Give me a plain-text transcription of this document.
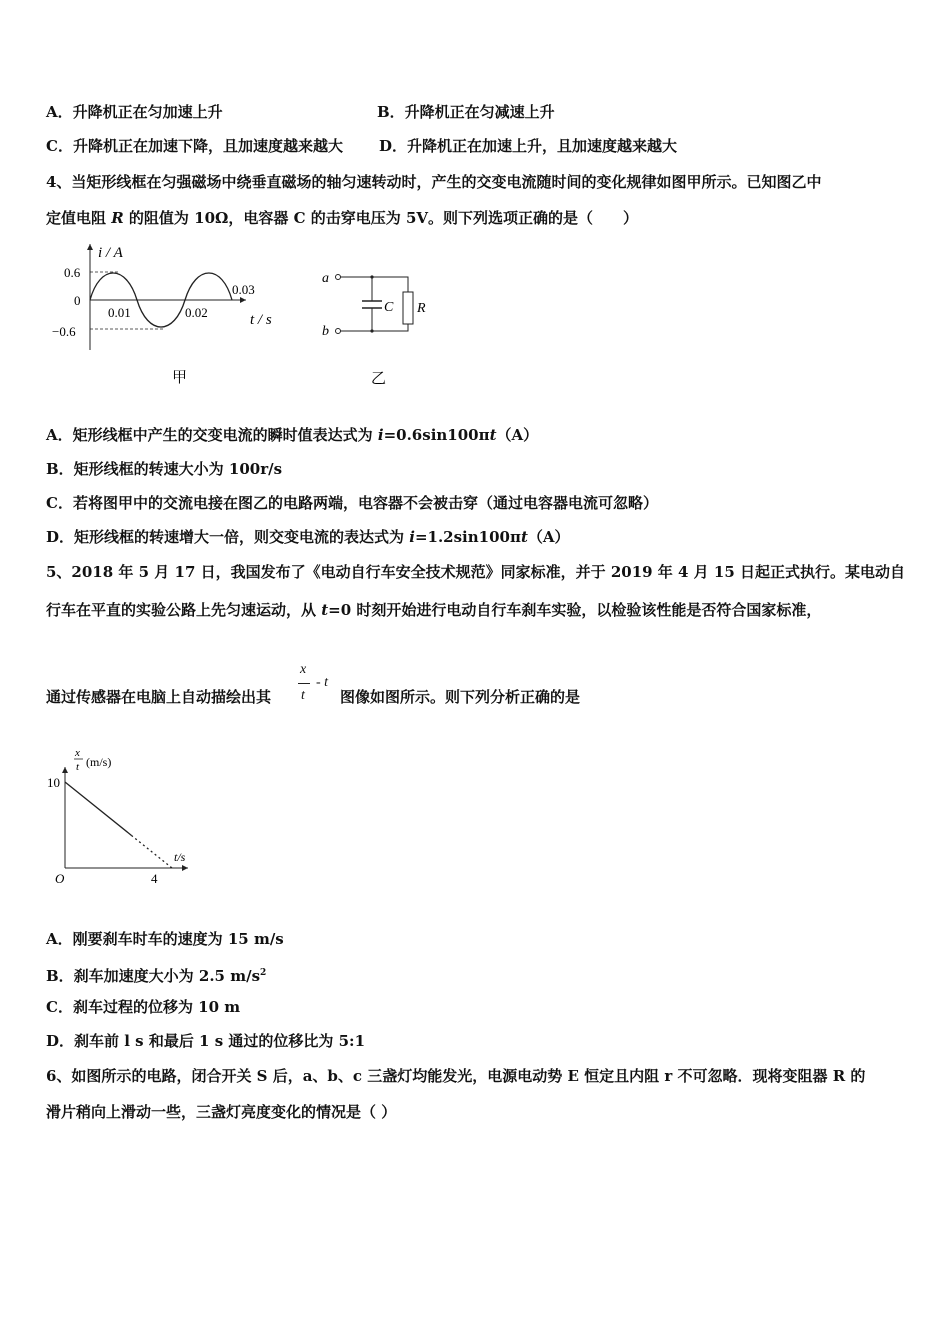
A．升降机正在匀加速上升	B．升降机正在匀减速上升
C．升降机正在加速下降，且加速度越来越大 D．升降机正在加速上升，且加速度越来越大
4、当矩形线框在匀强磁场中绕垂直磁场的轴匀速转动时，产生的交变电流随时间的变化规律如图甲所示。已知图乙中
定值电阻 R 的阻值为 10Ω，电容器 C 的击穿电压为 5V。则下列选项正确的是（　　）
i / A
0.6
0
−0.6
0.01	0.02
0.03
t / s
甲
a
b
C R
乙
A．矩形线框中产生的交变电流的瞬时值表达式为 i=0.6sin100πt（A）
B．矩形线框的转速大小为 100r/s
C．若将图甲中的交流电接在图乙的电路两端，电容器不会被击穿（通过电容器电流可忽略）
D．矩形线框的转速增大一倍，则交变电流的表达式为 i=1.2sin100πt（A）
5、2018 年 5 月 17 日，我国发布了《电动自行车安全技术规范》同家标准，并于 2019 年 4 月 15 日起正式执行。某电动自
行车在平直的实验公路上先匀速运动，从 t=0 时刻开始进行电动自行车刹车实验，以检验该性能是否符合国家标准，
通过传感器在电脑上自动描绘出其
x
t
- t
图像如图所示。则下列分析正确的是
x
t (m/s)
O
10
4
t/s
A．刚要刹车时车的速度为 15 m/s
B．刹车加速度大小为 2.5 $m/s^2$
C．刹车过程的位移为 10 m
D．刹车前 l s 和最后 1 s 通过的位移比为 5:1
6、如图所示的电路，闭合开关 S 后，a、b、c 三盏灯均能发光，电源电动势 E 恒定且内阻 r 不可忽略．现将变阻器 R 的
滑片稍向上滑动一些，三盏灯亮度变化的情况是（ ）
